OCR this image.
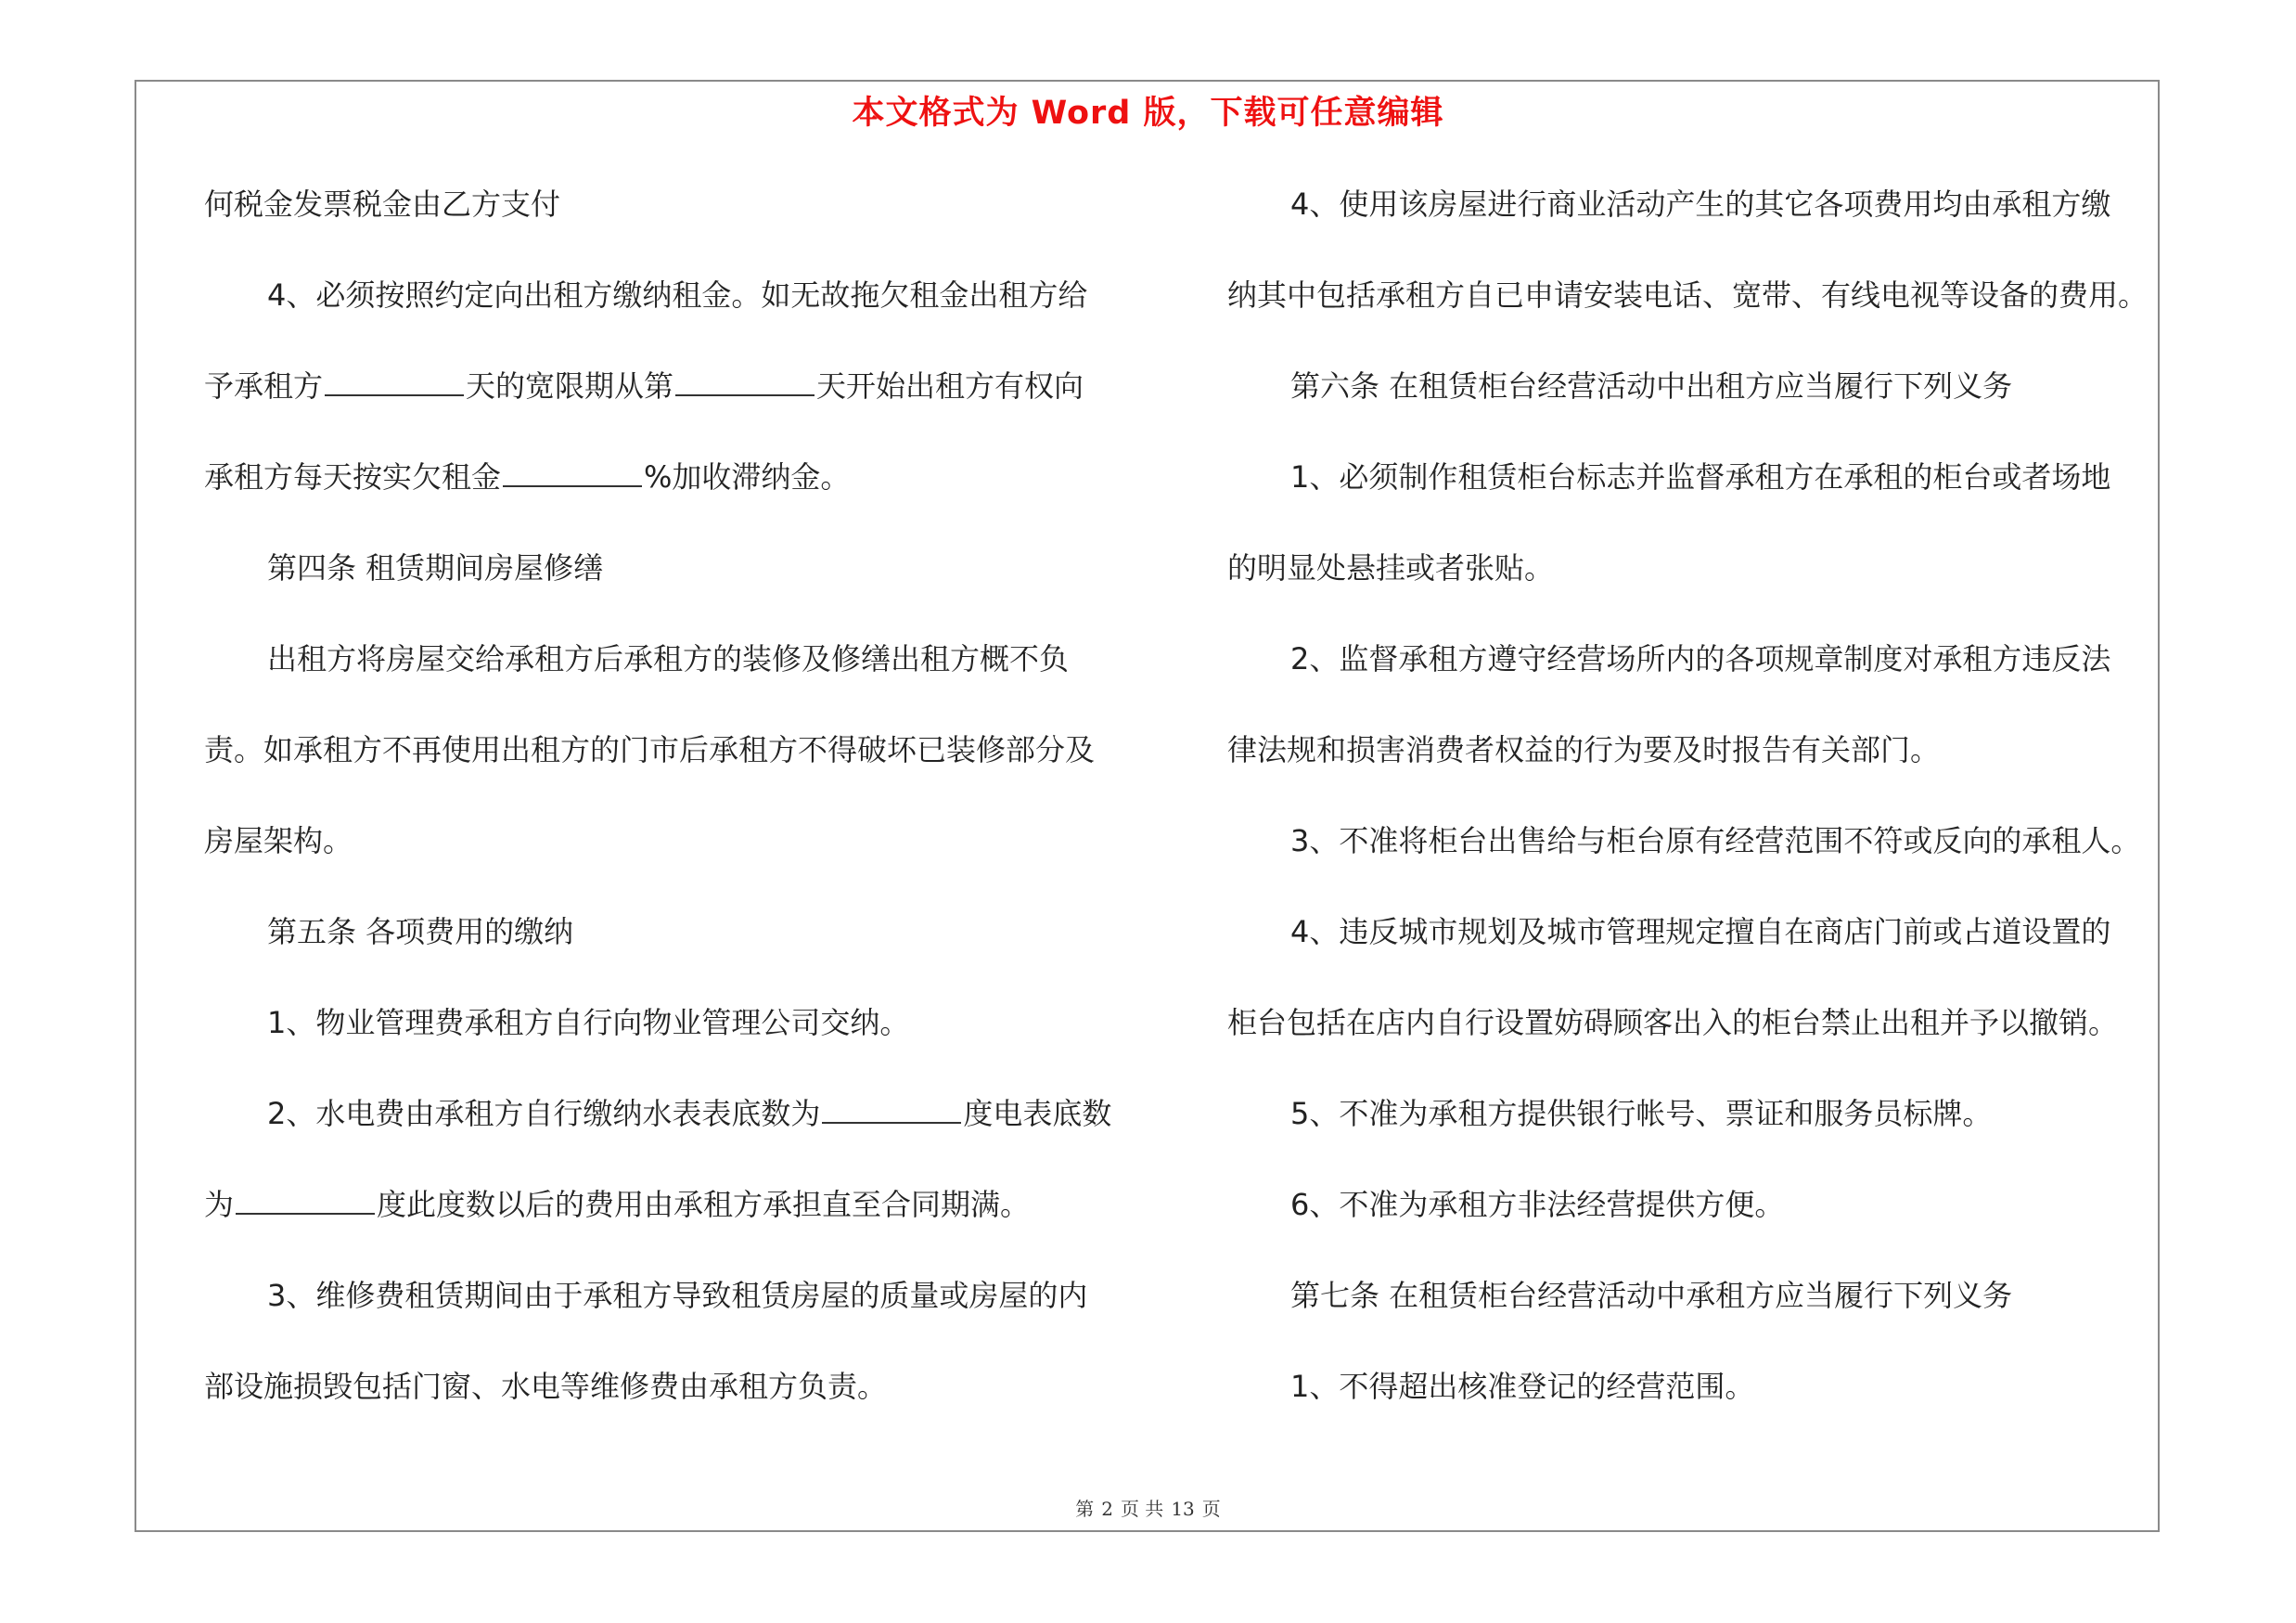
本文格式为 Word 版，下载可任意编辑
何税金发票税金由乙方支付
4、必须按照约定向出租方缴纳租金。如无故拖欠租金出租方给
予承租方	天的宽限期从第	天开始出租方有权向
承租方每天按实欠租金	%加收滞纳金。
第四条 租赁期间房屋修缮
出租方将房屋交给承租方后承租方的装修及修缮出租方概不负
责。如承租方不再使用出租方的门市后承租方不得破坏已装修部分及
房屋架构。
第五条 各项费用的缴纳
1、物业管理费承租方自行向物业管理公司交纳。
2、水电费由承租方自行缴纳水表表底数为	度电表底数
为	度此度数以后的费用由承租方承担直至合同期满。
3、维修费租赁期间由于承租方导致租赁房屋的质量或房屋的内
部设施损毁包括门窗、水电等维修费由承租方负责。
4、使用该房屋进行商业活动产生的其它各项费用均由承租方缴
纳其中包括承租方自已申请安装电话、宽带、有线电视等设备的费用。
第六条 在租赁柜台经营活动中出租方应当履行下列义务
1、必须制作租赁柜台标志并监督承租方在承租的柜台或者场地
的明显处悬挂或者张贴。
2、监督承租方遵守经营场所内的各项规章制度对承租方违反法
律法规和损害消费者权益的行为要及时报告有关部门。
3、不准将柜台出售给与柜台原有经营范围不符或反向的承租人。
4、违反城市规划及城市管理规定擅自在商店门前或占道设置的
柜台包括在店内自行设置妨碍顾客出入的柜台禁止出租并予以撤销。
5、不准为承租方提供银行帐号、票证和服务员标牌。
6、不准为承租方非法经营提供方便。
第七条 在租赁柜台经营活动中承租方应当履行下列义务
1、不得超出核准登记的经营范围。
第 2 页 共 13 页
